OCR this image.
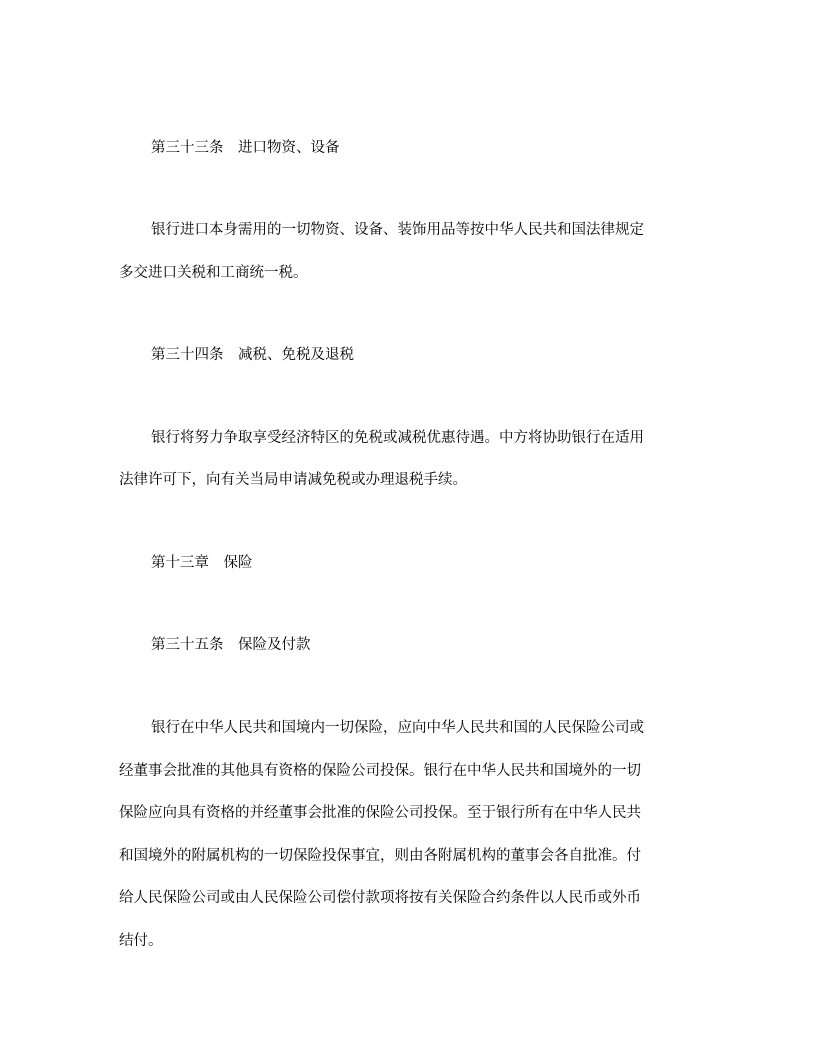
第三十三条　进口物资、设备
银行进口本身需用的一切物资、设备、装饰用品等按中华人民共和国法律规定
多交进口关税和工商统一税。
第三十四条　减税、免税及退税
银行将努力争取享受经济特区的免税或减税优惠待遇。中方将协助银行在适用
法律许可下，向有关当局申请减免税或办理退税手续。
第十三章　保险
第三十五条　保险及付款
银行在中华人民共和国境内一切保险，应向中华人民共和国的人民保险公司或
经董事会批准的其他具有资格的保险公司投保。银行在中华人民共和国境外的一切
保险应向具有资格的并经董事会批准的保险公司投保。至于银行所有在中华人民共
和国境外的附属机构的一切保险投保事宜，则由各附属机构的董事会各自批准。付
给人民保险公司或由人民保险公司偿付款项将按有关保险合约条件以人民币或外币
结付。
